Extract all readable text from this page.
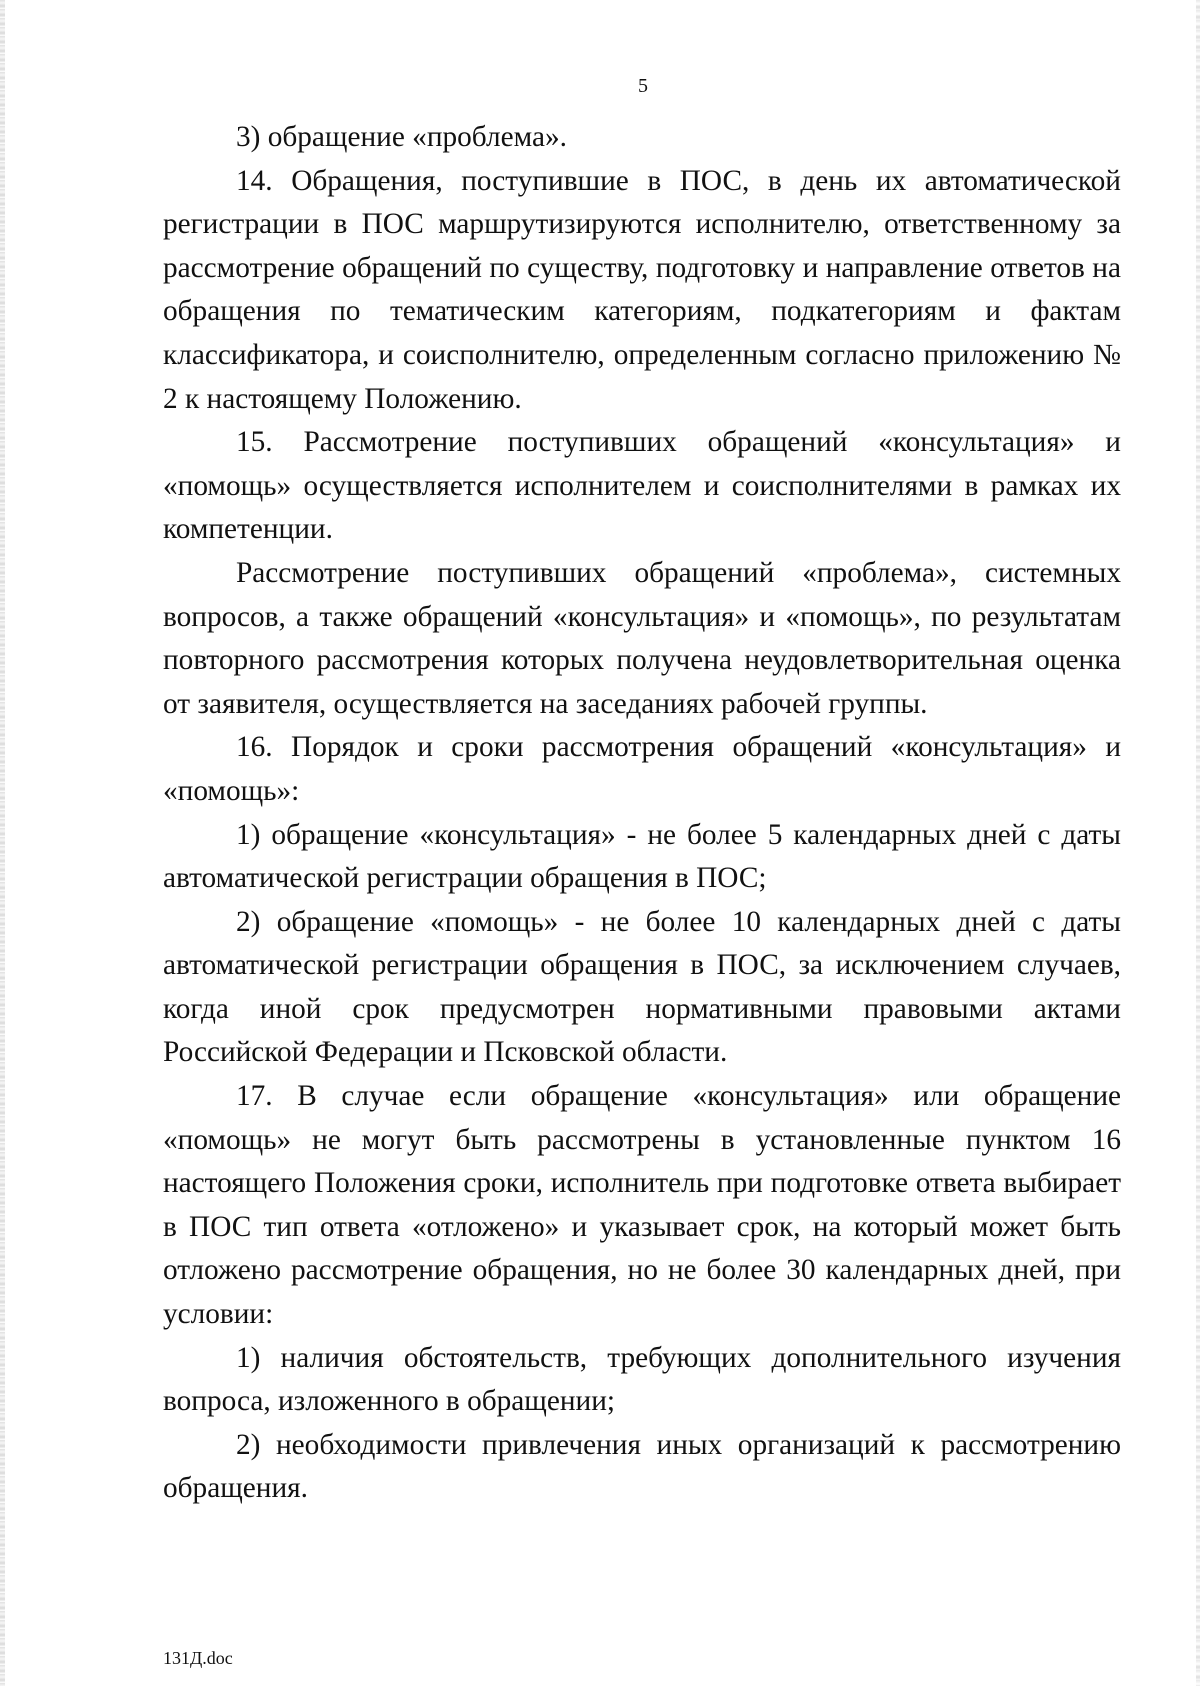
5

3) обращение «проблема».

14. Обращения, поступившие в ПОС, в день их автоматической регистрации в ПОС маршрутизируются исполнителю, ответственному за рассмотрение обращений по существу, подготовку и направление ответов на обращения по тематическим категориям, подкатегориям и фактам классификатора, и соисполнителю, определенным согласно приложению № 2 к настоящему Положению.

15. Рассмотрение поступивших обращений «консультация» и «помощь» осуществляется исполнителем и соисполнителями в рамках их компетенции.

Рассмотрение поступивших обращений «проблема», системных вопросов, а также обращений «консультация» и «помощь», по результатам повторного рассмотрения которых получена неудовлетворительная оценка от заявителя, осуществляется на заседаниях рабочей группы.

16. Порядок и сроки рассмотрения обращений «консультация» и «помощь»:

1) обращение «консультация» - не более 5 календарных дней с даты автоматической регистрации обращения в ПОС;

2) обращение «помощь» - не более 10 календарных дней с даты автоматической регистрации обращения в ПОС, за исключением случаев, когда иной срок предусмотрен нормативными правовыми актами Российской Федерации и Псковской области.

17. В случае если обращение «консультация» или обращение «помощь» не могут быть рассмотрены в установленные пунктом 16 настоящего Положения сроки, исполнитель при подготовке ответа выбирает в ПОС тип ответа «отложено» и указывает срок, на который может быть отложено рассмотрение обращения, но не более 30 календарных дней, при условии:

1) наличия обстоятельств, требующих дополнительного изучения вопроса, изложенного в обращении;

2) необходимости привлечения иных организаций к рассмотрению обращения.

131Д.doc
